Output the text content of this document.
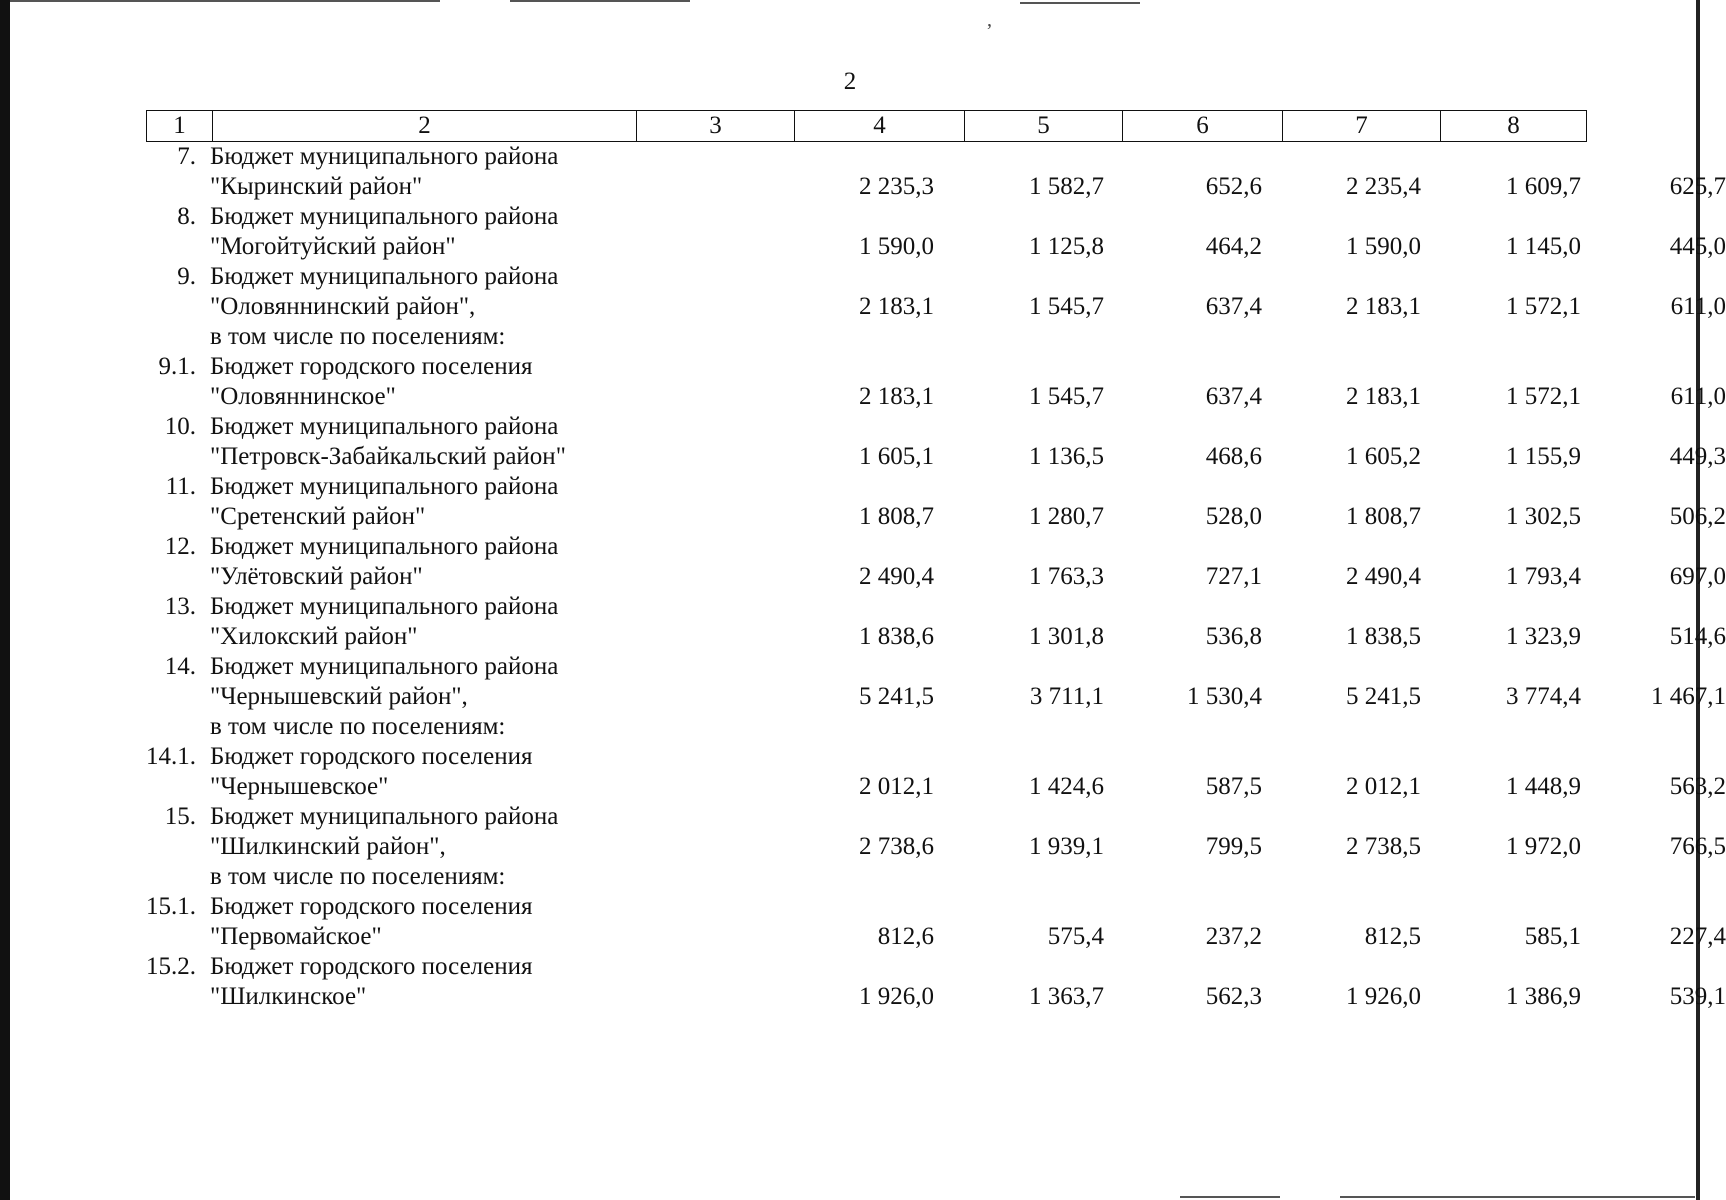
’
2
1	2	3	4	5	6	7	8
7. Бюджет муниципального района
"Кыринский район"	2 235,3	1 582,7	652,6	2 235,4	1 609,7	625,7
8. Бюджет муниципального района
"Могойтуйский район"	1 590,0	1 125,8	464,2	1 590,0	1 145,0	445,0
9. Бюджет муниципального района
"Оловяннинский район",
в том числе по поселениям:
2 183,1	1 545,7	637,4	2 183,1	1 572,1	611,0
9.1. Бюджет городского поселения
"Оловяннинское"	2 183,1	1 545,7	637,4	2 183,1	1 572,1	611,0
10. Бюджет муниципального района
"Петровск-Забайкальский район"	1 605,1	1 136,5	468,6	1 605,2	1 155,9	449,3
11. Бюджет муниципального района
"Сретенский район"	1 808,7	1 280,7	528,0	1 808,7	1 302,5	506,2
12. Бюджет муниципального района
"Улётовский район"	2 490,4	1 763,3	727,1	2 490,4	1 793,4	697,0
13. Бюджет муниципального района
"Хилокский район"	1 838,6	1 301,8	536,8	1 838,5	1 323,9	514,6
14. Бюджет муниципального района
"Чернышевский район",
в том числе по поселениям:
5 241,5	3 711,1	1 530,4	5 241,5	3 774,4	1 467,1
14.1. Бюджет городского поселения
"Чернышевское"	2 012,1	1 424,6	587,5	2 012,1	1 448,9	563,2
15. Бюджет муниципального района
"Шилкинский район",
в том числе по поселениям:
2 738,6	1 939,1	799,5	2 738,5	1 972,0	766,5
15.1. Бюджет городского поселения
"Первомайское"	812,6	575,4	237,2	812,5	585,1	227,4
15.2. Бюджет городского поселения
"Шилкинское"	1 926,0	1 363,7	562,3	1 926,0	1 386,9	539,1
